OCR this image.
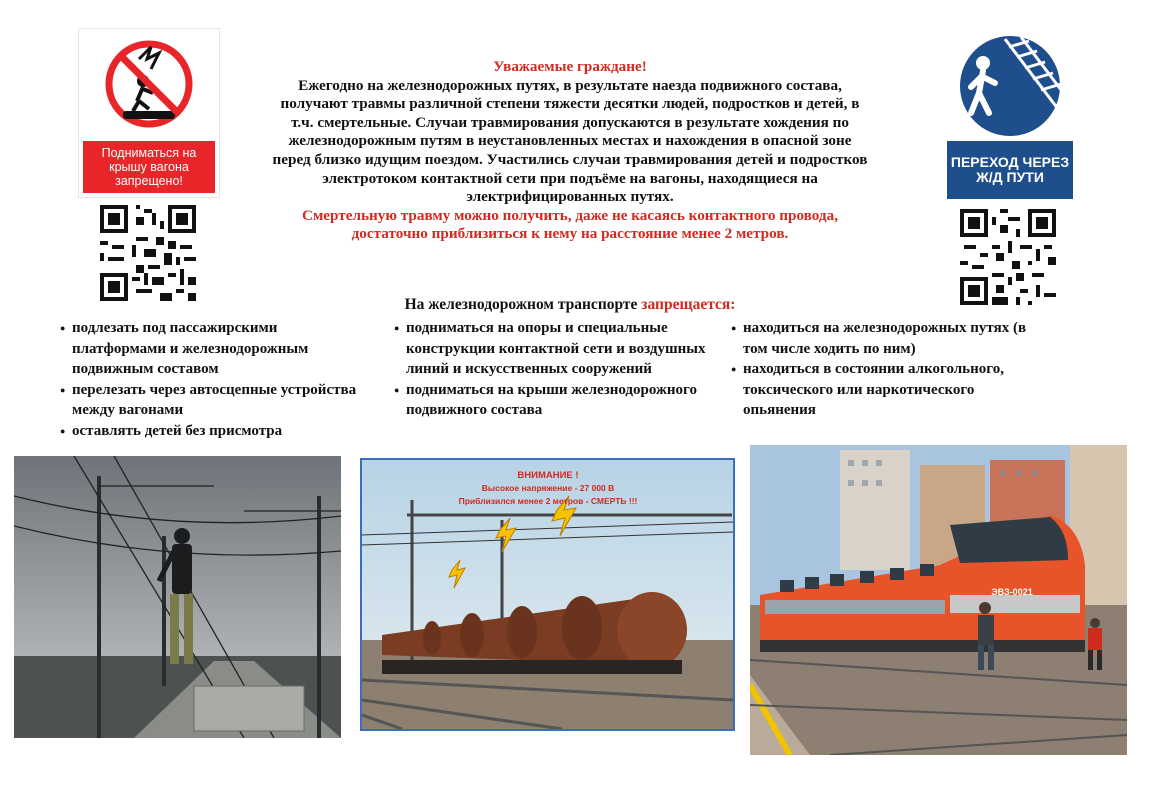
Подниматься на крышу вагона запрещено!
ПЕРЕХОД ЧЕРЕЗ Ж/Д ПУТИ
Уважаемые граждане!
Ежегодно на железнодорожных путях, в результате наезда подвижного состава, получают травмы различной степени тяжести десятки людей, подростков и детей, в т.ч. смертельные. Случаи травмирования допускаются в результате хождения по железнодорожным путям в неустановленных местах и нахождения в опасной зоне перед близко идущим поездом. Участились случаи травмирования детей и подростков электротоком контактной сети при подъёме на вагоны, находящиеся на электрифицированных путях.
Смертельную травму можно получить, даже не касаясь контактного провода, достаточно приблизиться к нему на расстояние менее 2 метров.
На железнодорожном транспорте запрещается:
● подлезать под пассажирскими платформами и железнодорожным подвижным составом
● перелезать через автосцепные устройства между вагонами
● оставлять детей без присмотра
● подниматься на опоры и специальные конструкции контактной сети и воздушных линий и искусственных сооружений
● подниматься на крыши железнодорожного подвижного состава
● находиться на железнодорожных путях (в том числе ходить по ним)
● находиться в состоянии алкогольного, токсического или наркотического опьянения
ВНИМАНИЕ !
Высокое напряжение - 27 000 В
Приблизился менее 2 метров - СМЕРТЬ !!!
ЭВЗ-0021
